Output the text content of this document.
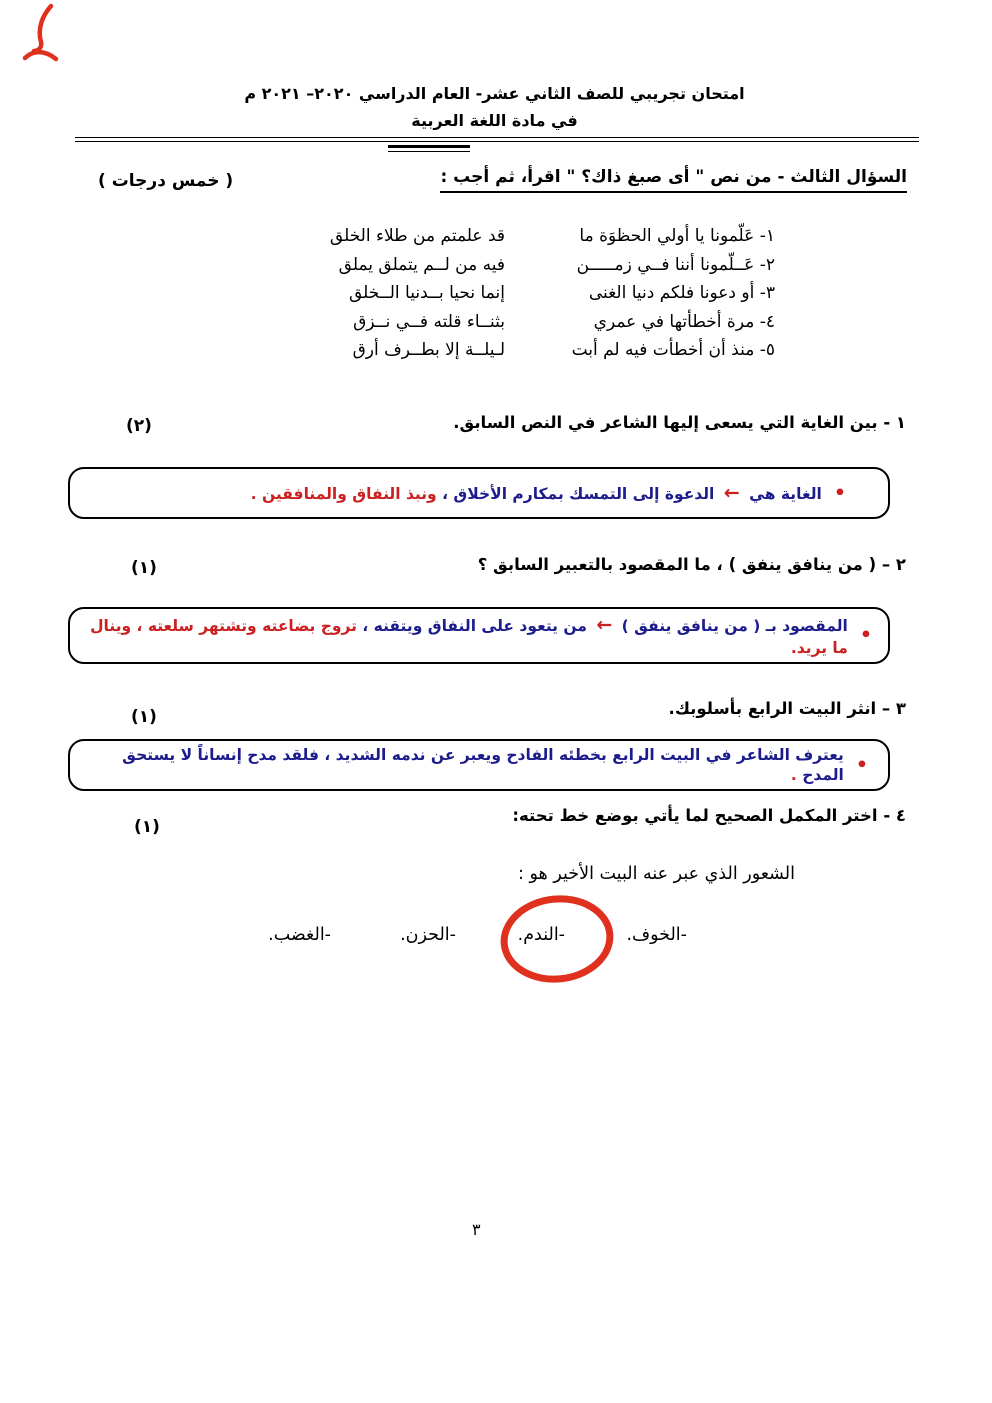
امتحان تجريبي للصف الثاني عشر- العام الدراسي ٢٠٢٠– ٢٠٢١ م
في مادة اللغة العربية
السؤال الثالث - من نص " أى صبغ ذاك؟ " اقرأ، ثم أجب :
( خمس درجات )
١- عَلّمونا يا أولي الحظوَة ما
٢- عَــلّمونا أننا فــي زمـــــن
٣- أو دعونا فلكم دنيا الغنى
٤- مرة أخطأتها في عمري
٥- منذ أن أخطأت فيه لم أبت
قد علمتم من طلاء الخلق
فيه من لــم يتملق يملق
إنما نحيا بــدنيا الــخلق
بثنــاء قلته فــي نــزق
لـيلــة إلا بطــرف أرق
١ - بين الغاية التي يسعى إليها الشاعر في النص السابق.
(٢)
•
الغاية هي ← الدعوة إلى التمسك بمكارم الأخلاق ، ونبذ النفاق والمنافقين .
٢ – ( من ينافق ينفق ) ، ما المقصود بالتعبير السابق ؟
(١)
•
المقصود بـ ( من ينافق ينفق ) ← من يتعود على النفاق ويتقنه ، تروج بضاعته وتشتهر سلعته ، وينال ما يريد.
٣ – انثر البيت الرابع بأسلوبك.
(١)
•
يعترف الشاعر في البيت الرابع بخطئه الفادح ويعبر عن ندمه الشديد ، فلقد مدح إنساناً لا يستحق المدح .
٤ - اختر المكمل الصحيح لما يأتي بوضع خط تحته:
(١)
الشعور الذي عبر عنه البيت الأخير هو :
-الخوف.
-الندم.
-الحزن.
-الغضب.
٣
